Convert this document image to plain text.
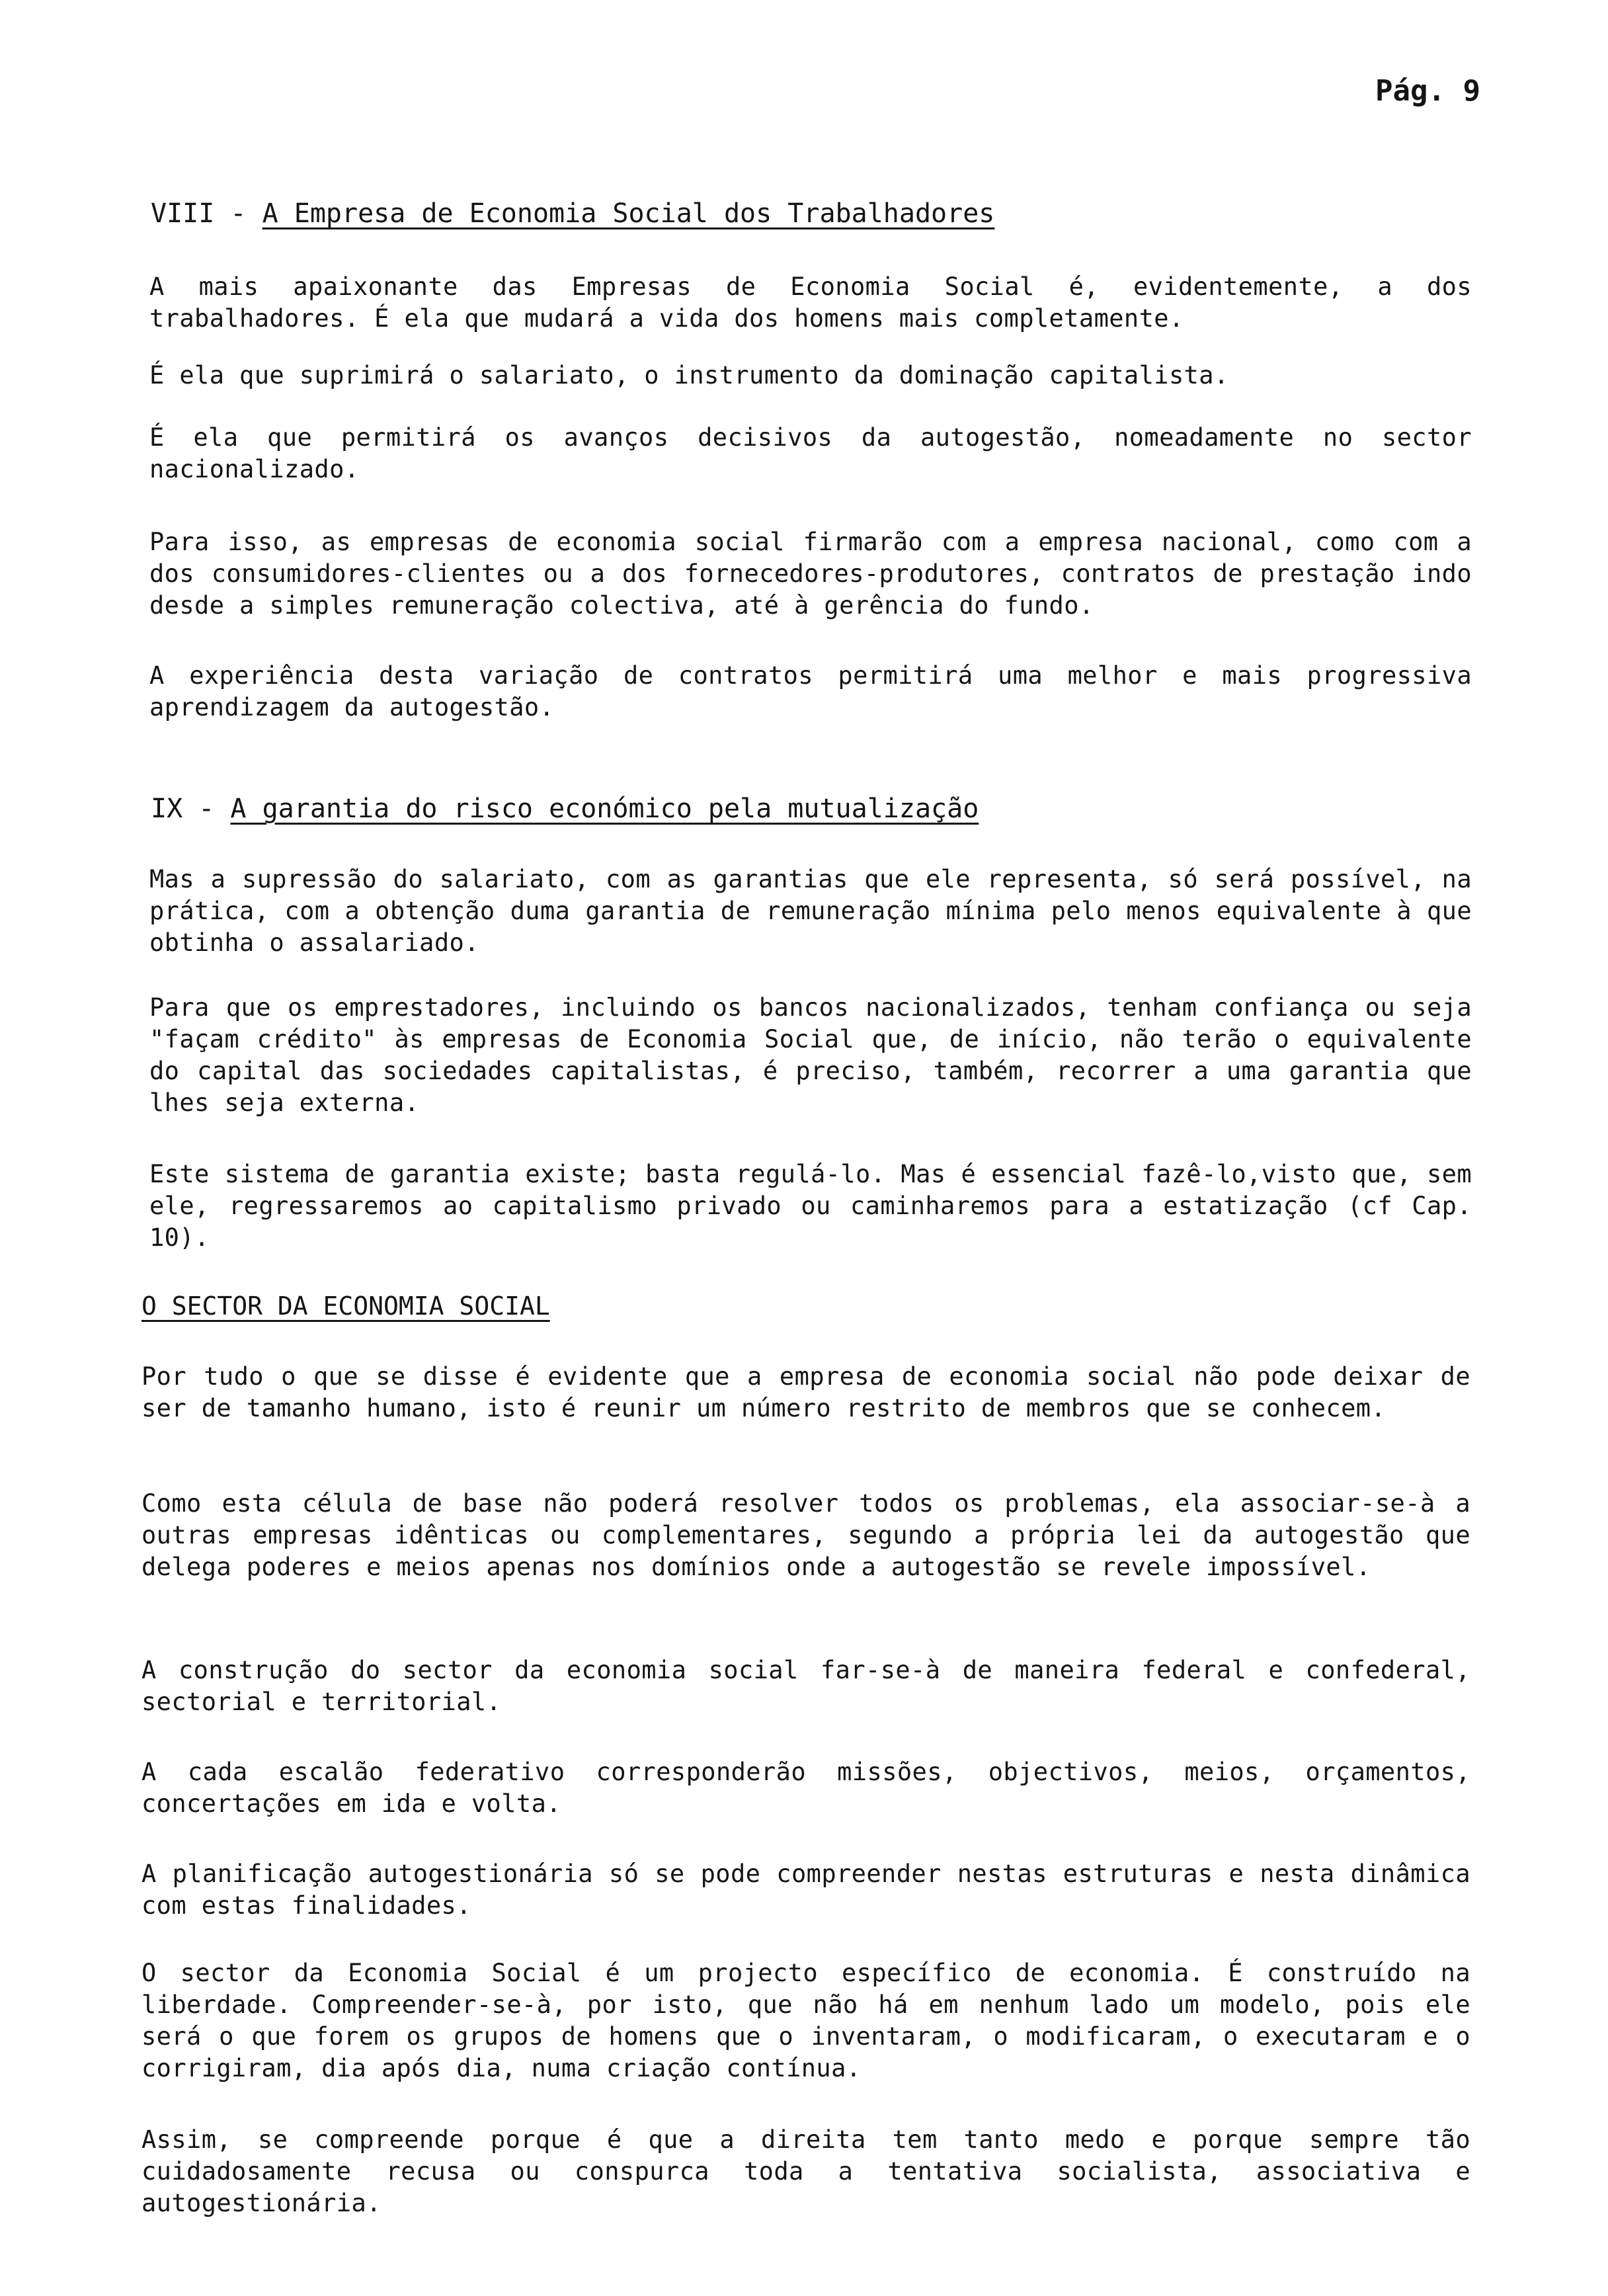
Pág. 9
VIII - A Empresa de Economia Social dos Trabalhadores
A mais apaixonante das Empresas de Economia Social é, evidentemente, a dos trabalhadores. É ela que mudará a vida dos homens mais completamente.
É ela que suprimirá o salariato, o instrumento da dominação capitalista.
É ela que permitirá os avanços decisivos da autogestão, nomeadamente no sector nacionalizado.
Para isso, as empresas de economia social firmarão com a empresa nacional, como com a dos consumidores-clientes ou a dos fornecedores-produtores, contratos de prestação indo desde a simples remuneração colectiva, até à gerência do fundo.
A experiência desta variação de contratos permitirá uma melhor e mais progressiva aprendizagem da autogestão.
IX - A garantia do risco económico pela mutualização
Mas a supressão do salariato, com as garantias que ele representa, só será possível, na prática, com a obtenção duma garantia de remuneração mínima pelo menos equivalente à que obtinha o assalariado.
Para que os emprestadores, incluindo os bancos nacionalizados, tenham confiança ou seja "façam crédito" às empresas de Economia Social que, de início, não terão o equivalente do capital das sociedades capitalistas, é preciso, também, recorrer a uma garantia que lhes seja externa.
Este sistema de garantia existe; basta regulá-lo. Mas é essencial fazê-lo,visto que, sem ele, regressaremos ao capitalismo privado ou caminharemos para a estatização (cf Cap. 10).
O SECTOR DA ECONOMIA SOCIAL
Por tudo o que se disse é evidente que a empresa de economia social não pode deixar de ser de tamanho humano, isto é reunir um número restrito de membros que se conhecem.
Como esta célula de base não poderá resolver todos os problemas, ela associar-se-à a outras empresas idênticas ou complementares, segundo a própria lei da autogestão que delega poderes e meios apenas nos domínios onde a autogestão se revele impossível.
A construção do sector da economia social far-se-à de maneira federal e confederal, sectorial e territorial.
A cada escalão federativo corresponderão missões, objectivos, meios, orçamentos, concertações em ida e volta.
A planificação autogestionária só se pode compreender nestas estruturas e nesta dinâmica com estas finalidades.
O sector da Economia Social é um projecto específico de economia. É construído na liberdade. Compreender-se-à, por isto, que não há em nenhum lado um modelo, pois ele será o que forem os grupos de homens que o inventaram, o modificaram, o executaram e o corrigiram, dia após dia, numa criação contínua.
Assim, se compreende porque é que a direita tem tanto medo e porque sempre tão cuidadosamente recusa ou conspurca toda a tentativa socialista, associativa e autogestionária.
